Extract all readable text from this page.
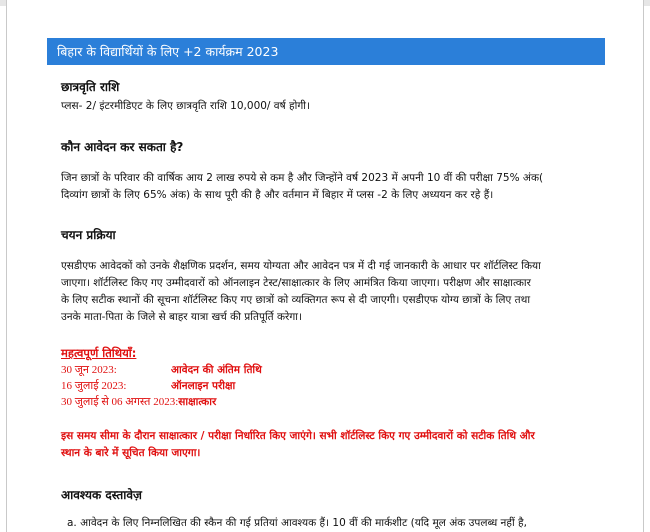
बिहार के विद्यार्थियों के लिए +2 कार्यक्रम 2023
छात्रवृति राशि
प्लस- 2/ इंटरमीडिएट के लिए छात्रवृति राशि 10,000/ वर्ष होगी।
कौन आवेदन कर सकता है?
जिन छात्रों के परिवार की वार्षिक आय 2 लाख रुपये से कम है और जिन्होंने वर्ष 2023 में अपनी 10 वीं की परीक्षा 75% अंक(
दिव्यांग छात्रों के लिए 65% अंक) के साथ पूरी की है और वर्तमान में बिहार में प्लस -2 के लिए अध्ययन कर रहे हैं।
चयन प्रक्रिया
एसडीएफ आवेदकों को उनके शैक्षणिक प्रदर्शन, समय योग्यता और आवेदन पत्र में दी गई जानकारी के आधार पर शॉर्टलिस्ट किया
जाएगा। शॉर्टलिस्ट किए गए उम्मीदवारों को ऑनलाइन टेस्ट/साक्षात्कार के लिए आमंत्रित किया जाएगा। परीक्षण और साक्षात्कार
के लिए सटीक स्थानों की सूचना शॉर्टलिस्ट किए गए छात्रों को व्यक्तिगत रूप से दी जाएगी। एसडीएफ योग्य छात्रों के लिए तथा
उनके माता-पिता के जिले से बाहर यात्रा खर्च की प्रतिपूर्ति करेगा।
महत्वपूर्ण तिथियाँ:
30 जून 2023:	आवेदन की अंतिम तिथि
16 जुलाई 2023:	ऑनलाइन परीक्षा
30 जुलाई से 06 अगस्त 2023:साक्षात्कार
इस समय सीमा के दौरान साक्षात्कार / परीक्षा निर्धारित किए जाएंगे। सभी शॉर्टलिस्ट किए गए उम्मीदवारों को सटीक तिथि और
स्थान के बारे में सूचित किया जाएगा।
आवश्यक दस्तावेज़
a. आवेदन के लिए निम्नलिखित की स्कैन की गई प्रतियां आवश्यक हैं। 10 वीं की मार्कशीट (यदि मूल अंक उपलब्ध नहीं है,
